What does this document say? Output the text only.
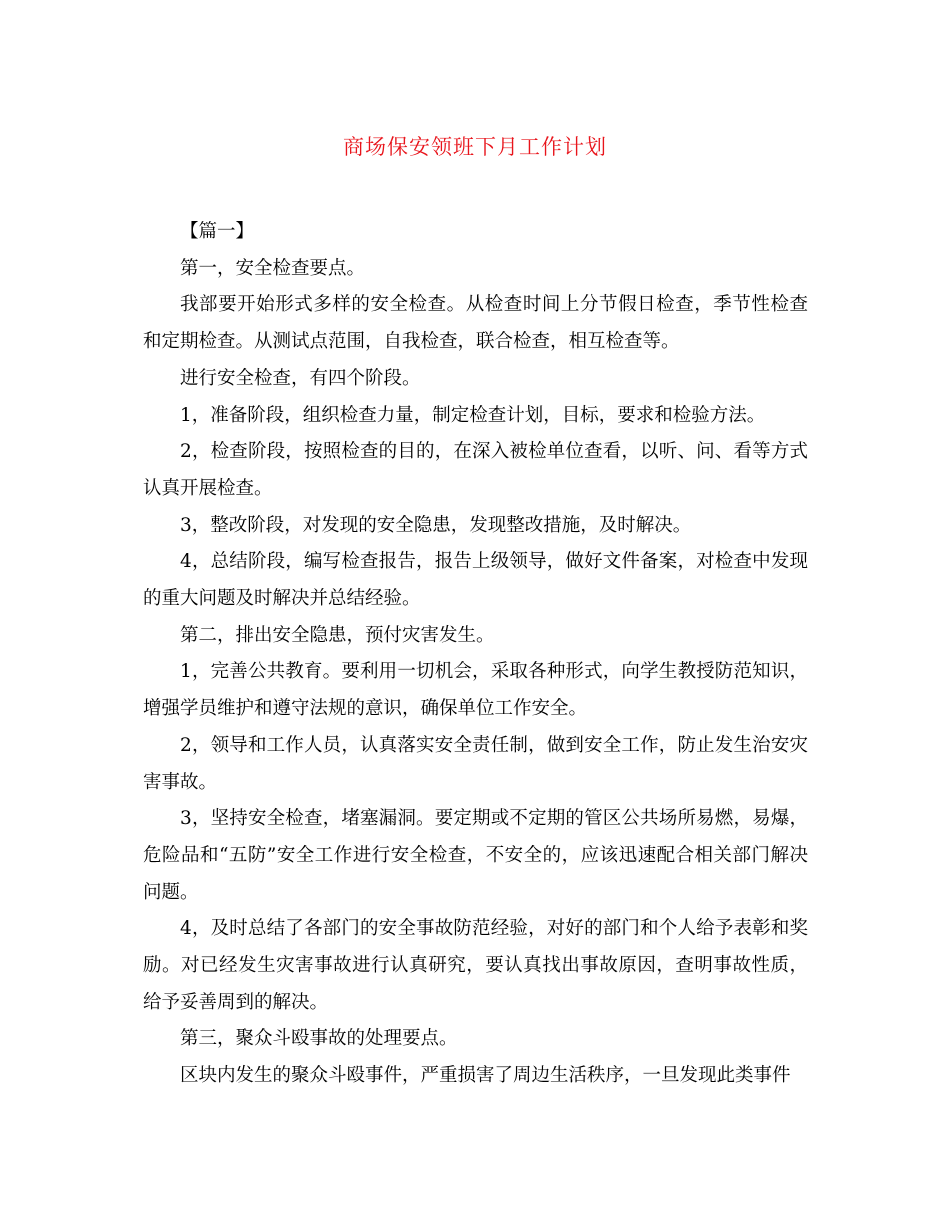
商场保安领班下月工作计划

【篇一】

第一，安全检查要点。

我部要开始形式多样的安全检查。从检查时间上分节假日检查，季节性检查和定期检查。从测试点范围，自我检查，联合检查，相互检查等。

进行安全检查，有四个阶段。

1，准备阶段，组织检查力量，制定检查计划，目标，要求和检验方法。

2，检查阶段，按照检查的目的，在深入被检单位查看，以听、问、看等方式认真开展检查。

3，整改阶段，对发现的安全隐患，发现整改措施，及时解决。

4，总结阶段，编写检查报告，报告上级领导，做好文件备案，对检查中发现的重大问题及时解决并总结经验。

第二，排出安全隐患，预付灾害发生。

1，完善公共教育。要利用一切机会，采取各种形式，向学生教授防范知识，增强学员维护和遵守法规的意识，确保单位工作安全。

2，领导和工作人员，认真落实安全责任制，做到安全工作，防止发生治安灾害事故。

3，坚持安全检查，堵塞漏洞。要定期或不定期的管区公共场所易燃，易爆，危险品和“五防”安全工作进行安全检查，不安全的，应该迅速配合相关部门解决问题。

4，及时总结了各部门的安全事故防范经验，对好的部门和个人给予表彰和奖励。对已经发生灾害事故进行认真研究，要认真找出事故原因，查明事故性质，给予妥善周到的解决。

第三，聚众斗殴事故的处理要点。

区块内发生的聚众斗殴事件，严重损害了周边生活秩序，一旦发现此类事件
